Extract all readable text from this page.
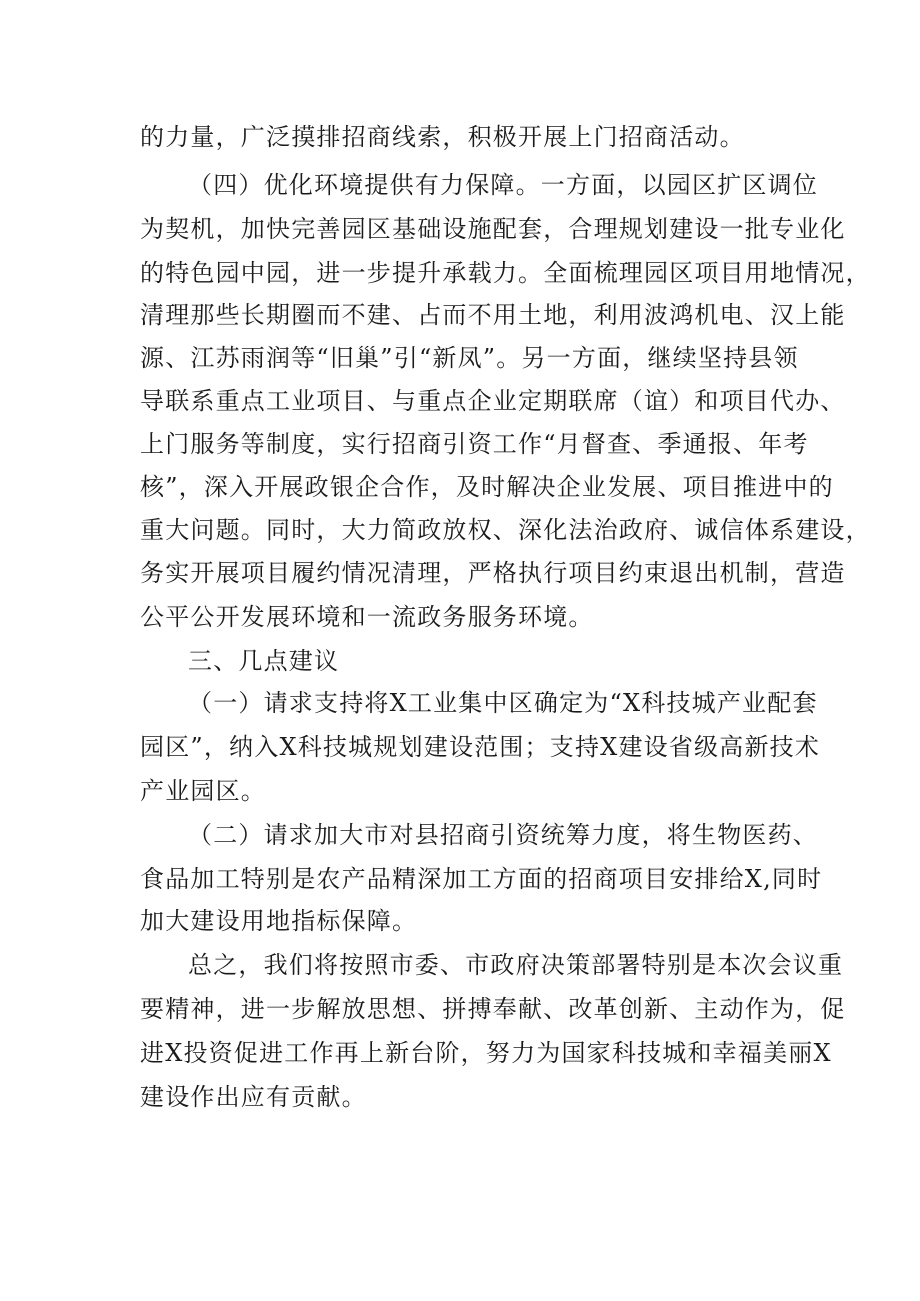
的力量，广泛摸排招商线索，积极开展上门招商活动。
（四）优化环境提供有力保障。一方面，以园区扩区调位
为契机，加快完善园区基础设施配套，合理规划建设一批专业化
的特色园中园，进一步提升承载力。全面梳理园区项目用地情况，
清理那些长期圈而不建、占而不用土地，利用波鸿机电、汉上能
源、江苏雨润等“旧巢”引“新凤”。另一方面，继续坚持县领
导联系重点工业项目、与重点企业定期联席（谊）和项目代办、
上门服务等制度，实行招商引资工作“月督查、季通报、年考
核”，深入开展政银企合作，及时解决企业发展、项目推进中的
重大问题。同时，大力简政放权、深化法治政府、诚信体系建设，
务实开展项目履约情况清理，严格执行项目约束退出机制，营造
公平公开发展环境和一流政务服务环境。
三、几点建议
（一）请求支持将X工业集中区确定为“X科技城产业配套
园区”，纳入X科技城规划建设范围；支持X建设省级高新技术
产业园区。
（二）请求加大市对县招商引资统筹力度，将生物医药、
食品加工特别是农产品精深加工方面的招商项目安排给X,同时
加大建设用地指标保障。
总之，我们将按照市委、市政府决策部署特别是本次会议重
要精神，进一步解放思想、拼搏奉献、改革创新、主动作为，促
进X投资促进工作再上新台阶，努力为国家科技城和幸福美丽X
建设作出应有贡献。
